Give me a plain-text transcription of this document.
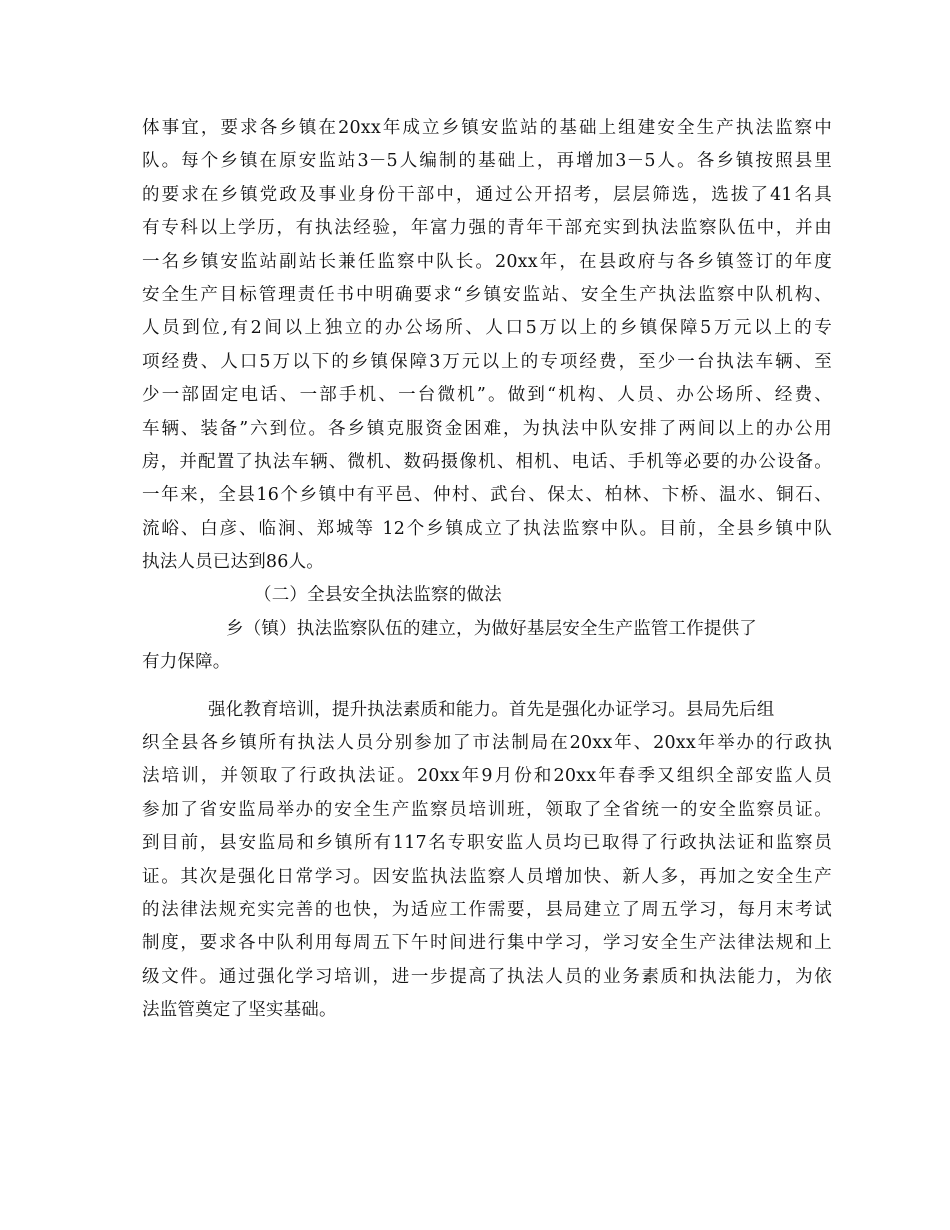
体事宜，要求各乡镇在20xx年成立乡镇安监站的基础上组建安全生产执法监察中
队。每个乡镇在原安监站3－5人编制的基础上，再增加3－5人。各乡镇按照县里
的要求在乡镇党政及事业身份干部中，通过公开招考，层层筛选，选拔了41名具
有专科以上学历，有执法经验，年富力强的青年干部充实到执法监察队伍中，并由
一名乡镇安监站副站长兼任监察中队长。20xx年，在县政府与各乡镇签订的年度
安全生产目标管理责任书中明确要求“乡镇安监站、安全生产执法监察中队机构、
人员到位,有2间以上独立的办公场所、人口5万以上的乡镇保障5万元以上的专
项经费、人口5万以下的乡镇保障3万元以上的专项经费，至少一台执法车辆、至
少一部固定电话、一部手机、一台微机”。做到“机构、人员、办公场所、经费、
车辆、装备”六到位。各乡镇克服资金困难，为执法中队安排了两间以上的办公用
房，并配置了执法车辆、微机、数码摄像机、相机、电话、手机等必要的办公设备。
一年来，全县16个乡镇中有平邑、仲村、武台、保太、柏林、卞桥、温水、铜石、
流峪、白彦、临涧、郑城等 12个乡镇成立了执法监察中队。目前，全县乡镇中队
执法人员已达到86人。
（二）全县安全执法监察的做法
乡（镇）执法监察队伍的建立，为做好基层安全生产监管工作提供了
有力保障。
强化教育培训，提升执法素质和能力。首先是强化办证学习。县局先后组
织全县各乡镇所有执法人员分别参加了市法制局在20xx年、20xx年举办的行政执
法培训，并领取了行政执法证。20xx年9月份和20xx年春季又组织全部安监人员
参加了省安监局举办的安全生产监察员培训班，领取了全省统一的安全监察员证。
到目前，县安监局和乡镇所有117名专职安监人员均已取得了行政执法证和监察员
证。其次是强化日常学习。因安监执法监察人员增加快、新人多，再加之安全生产
的法律法规充实完善的也快，为适应工作需要，县局建立了周五学习，每月末考试
制度，要求各中队利用每周五下午时间进行集中学习，学习安全生产法律法规和上
级文件。通过强化学习培训，进一步提高了执法人员的业务素质和执法能力，为依
法监管奠定了坚实基础。
